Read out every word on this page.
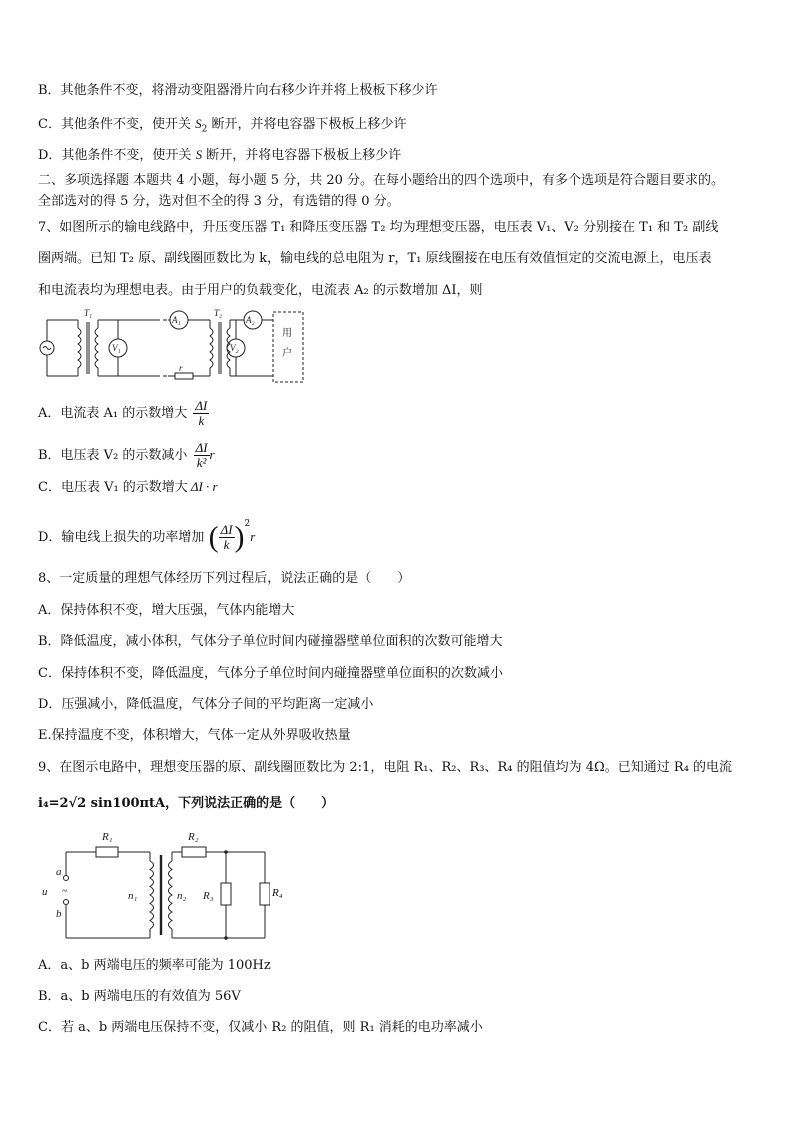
B．其他条件不变，将滑动变阻器滑片向右移少许并将上极板下移少许
C．其他条件不变，使开关 $S_2$ 断开，并将电容器下极板上移少许
D．其他条件不变，使开关 S 断开，并将电容器下极板上移少许
二、多项选择题 本题共 4 小题，每小题 5 分，共 20 分。在每小题给出的四个选项中，有多个选项是符合题目要求的。
全部选对的得 5 分，选对但不全的得 3 分，有选错的得 0 分。
7、如图所示的输电线路中，升压变压器 T₁ 和降压变压器 T₂ 均为理想变压器，电压表 V₁、V₂ 分别接在 T₁ 和 T₂ 副线
圈两端。已知 T₂ 原、副线圈匝数比为 k，输电线的总电阻为 r，T₁ 原线圈接在电压有效值恒定的交流电源上，电压表
和电流表均为理想电表。由于用户的负载变化，电流表 A₂ 的示数增加 ΔI，则
V₁
A₁	A₂
V₂
T₁	T₂
r
用
户
A．电流表 A₁ 的示数增大 $\frac{\Delta I}{k}$
B．电压表 V₂ 的示数减小 $\frac{\Delta I}{\text{k²}}$ r
C．电压表 V₁ 的示数增大 ΔI · r
D．输电线上损失的功率增加 ( $\frac{\Delta I}{k} )^2r$
8、一定质量的理想气体经历下列过程后，说法正确的是（　　）
A．保持体积不变，增大压强，气体内能增大
B．降低温度，减小体积，气体分子单位时间内碰撞器壁单位面积的次数可能增大
C．保持体积不变，降低温度，气体分子单位时间内碰撞器壁单位面积的次数减小
D．压强减小，降低温度，气体分子间的平均距离一定减小
E.保持温度不变，体积增大，气体一定从外界吸收热量
9、在图示电路中，理想变压器的原、副线圈匝数比为 2:1，电阻 R₁、R₂、R₃、R₄ 的阻值均为 4Ω。已知通过 R₄ 的电流
i₄=2√2 sin100πtA，下列说法正确的是（　　）
R₁	R₂
R₃
a
b
u	n₁	n₂
~	R₄
A．a、b 两端电压的频率可能为 100Hz
B．a、b 两端电压的有效值为 56V
C．若 a、b 两端电压保持不变，仅减小 R₂ 的阻值，则 R₁ 消耗的电功率减小
